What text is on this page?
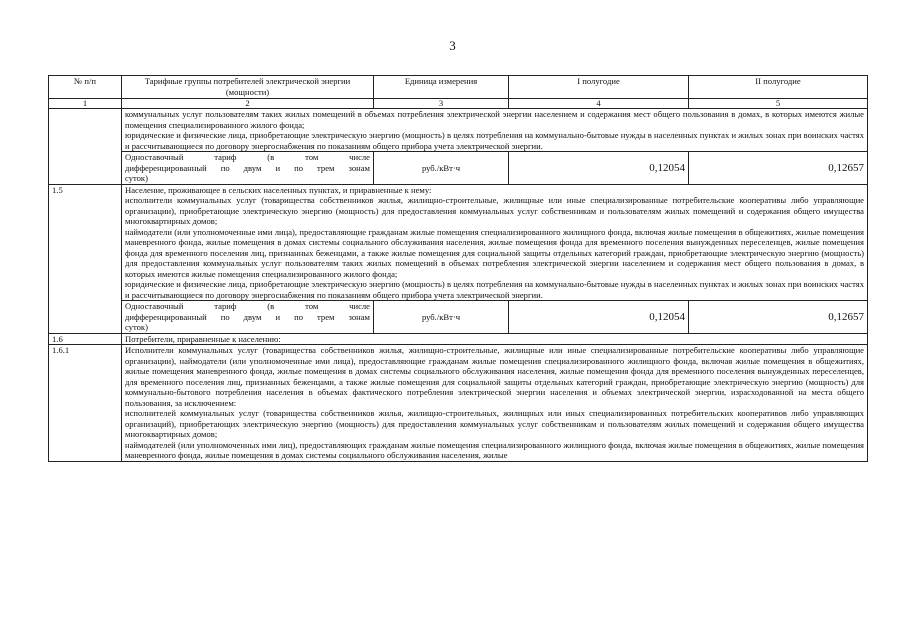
3
№ п/п	Тарифные группы потребителей электрической энергии (мощности)	Единица измерения	I полугодие	II полугодие
1	2	3	4	5

	коммунальных услуг пользователям таких жилых помещений в объемах потребления электрической энергии населением и содержания мест общего пользования в домах, в которых имеются жилые помещения специализированного жилого фонда;

юридические и физические лица, приобретающие электрическую энергию (мощность) в целях потребления на коммунально-бытовые нужды в населенных пунктах и жилых зонах при воинских частях и рассчитывающиеся по договору энергоснабжения по показаниям общего прибора учета электрической энергии.			

	Одноставочный тариф (в том числе
дифференцированный по двум и по трем зонам

суток)	руб./кВт·ч	0,12054	0,12657
1.5	Население, проживающее в сельских населенных пунктах, и приравненные к нему:

исполнители коммунальных услуг (товарищества собственников жилья, жилищно-строительные, жилищные или иные специализированные потребительские кооперативы либо управляющие организации), приобретающие электрическую энергию (мощность) для предоставления коммунальных услуг собственникам и пользователям жилых помещений и содержания общего имущества многоквартирных домов;

наймодатели (или уполномоченные ими лица), предоставляющие гражданам жилые помещения специализированного жилищного фонда, включая жилые помещения в общежитиях, жилые помещения маневренного фонда, жилые помещения в домах системы социального обслуживания населения, жилые помещения фонда для временного поселения вынужденных переселенцев, жилые помещения фонда для временного поселения лиц, признанных беженцами, а также жилые помещения для социальной защиты отдельных категорий граждан, приобретающие электрическую энергию (мощность) для предоставления коммунальных услуг пользователям таких жилых помещений в объемах потребления электрической энергии населением и содержания мест общего пользования в домах, в которых имеются жилые помещения специализированного жилого фонда;

юридические и физические лица, приобретающие электрическую энергию (мощность) в целях потребления на коммунально-бытовые нужды в населенных пунктах и жилых зонах при воинских частях и рассчитывающиеся по договору энергоснабжения по показаниям общего прибора учета электрической энергии.			

	Одноставочный тариф (в том числе
дифференцированный по двум и по трем зонам

суток)	руб./кВт·ч	0,12054	0,12657
1.6	Потребители, приравненные к населению:			
1.6.1	Исполнители коммунальных услуг (товарищества собственников жилья, жилищно-строительные, жилищные или иные специализированные потребительские кооперативы либо управляющие организации), наймодатели (или уполномоченные ими лица), предоставляющие гражданам жилые помещения специализированного жилищного фонда, включая жилые помещения в общежитиях, жилые помещения маневренного фонда, жилые помещения в домах системы социального обслуживания населения, жилые помещения фонда для временного поселения вынужденных переселенцев, для временного поселения лиц, признанных беженцами, а также жилые помещения для социальной защиты отдельных категорий граждан, приобретающие электрическую энергию (мощность) для коммунально-бытового потребления населения в объемах фактического потребления электрической энергии населения и объемах электрической энергии, израсходованной на места общего пользования, за исключением:

исполнителей коммунальных услуг (товарищества собственников жилья, жилищно-строительных, жилищных или иных специализированных потребительских кооперативов либо управляющих организаций), приобретающих электрическую энергию (мощность) для предоставления коммунальных услуг собственникам и пользователям жилых помещений и содержания общего имущества многоквартирных домов;

наймодателей (или уполномоченных ими лиц), предоставляющих гражданам жилые помещения специализированного жилищного фонда, включая жилые помещения в общежитиях, жилые помещения маневренного фонда, жилые помещения в домах системы социального обслуживания населения, жилые			
